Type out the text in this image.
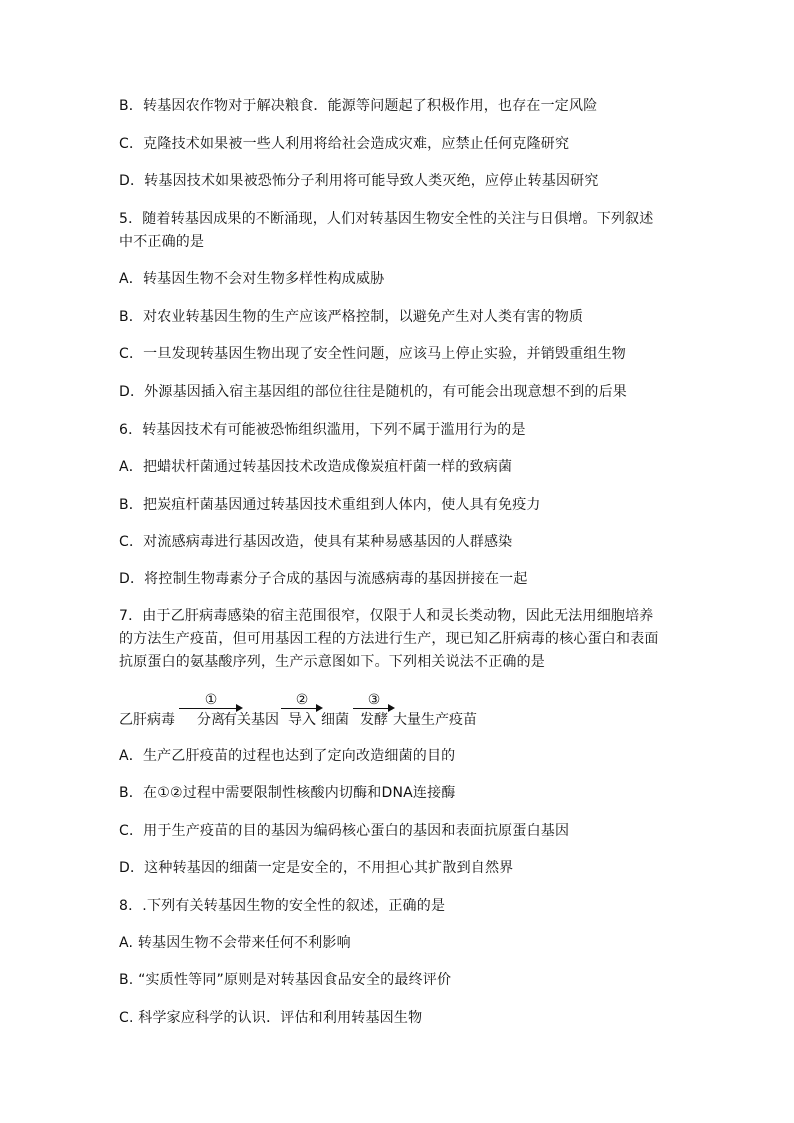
B．转基因农作物对于解决粮食．能源等问题起了积极作用，也存在一定风险
C．克隆技术如果被一些人利用将给社会造成灾难，应禁止任何克隆研究
D．转基因技术如果被恐怖分子利用将可能导致人类灭绝，应停止转基因研究
5．随着转基因成果的不断涌现，人们对转基因生物安全性的关注与日俱增。下列叙述
中不正确的是
A．转基因生物不会对生物多样性构成威胁
B．对农业转基因生物的生产应该严格控制，以避免产生对人类有害的物质
C．一旦发现转基因生物出现了安全性问题，应该马上停止实验，并销毁重组生物
D．外源基因插入宿主基因组的部位往往是随机的，有可能会出现意想不到的后果
6．转基因技术有可能被恐怖组织滥用，下列不属于滥用行为的是
A．把蜡状杆菌通过转基因技术改造成像炭疽杆菌一样的致病菌
B．把炭疽杆菌基因通过转基因技术重组到人体内，使人具有免疫力
C．对流感病毒进行基因改造，使具有某种易感基因的人群感染
D．将控制生物毒素分子合成的基因与流感病毒的基因拼接在一起
7．由于乙肝病毒感染的宿主范围很窄，仅限于人和灵长类动物，因此无法用细胞培养
的方法生产疫苗，但可用基因工程的方法进行生产，现已知乙肝病毒的核心蛋白和表面
抗原蛋白的氨基酸序列，生产示意图如下。下列相关说法不正确的是
乙肝病毒
①
分离
有关基因
②
导入 细菌
③
发酵 大量生产疫苗
A．生产乙肝疫苗的过程也达到了定向改造细菌的目的
B．在①②过程中需要限制性核酸内切酶和DNA连接酶
C．用于生产疫苗的目的基因为编码核心蛋白的基因和表面抗原蛋白基因
D．这种转基因的细菌一定是安全的，不用担心其扩散到自然界
8．.下列有关转基因生物的安全性的叙述，正确的是
A. 转基因生物不会带来任何不利影响
B. “实质性等同”原则是对转基因食品安全的最终评价
C. 科学家应科学的认识．评估和利用转基因生物
